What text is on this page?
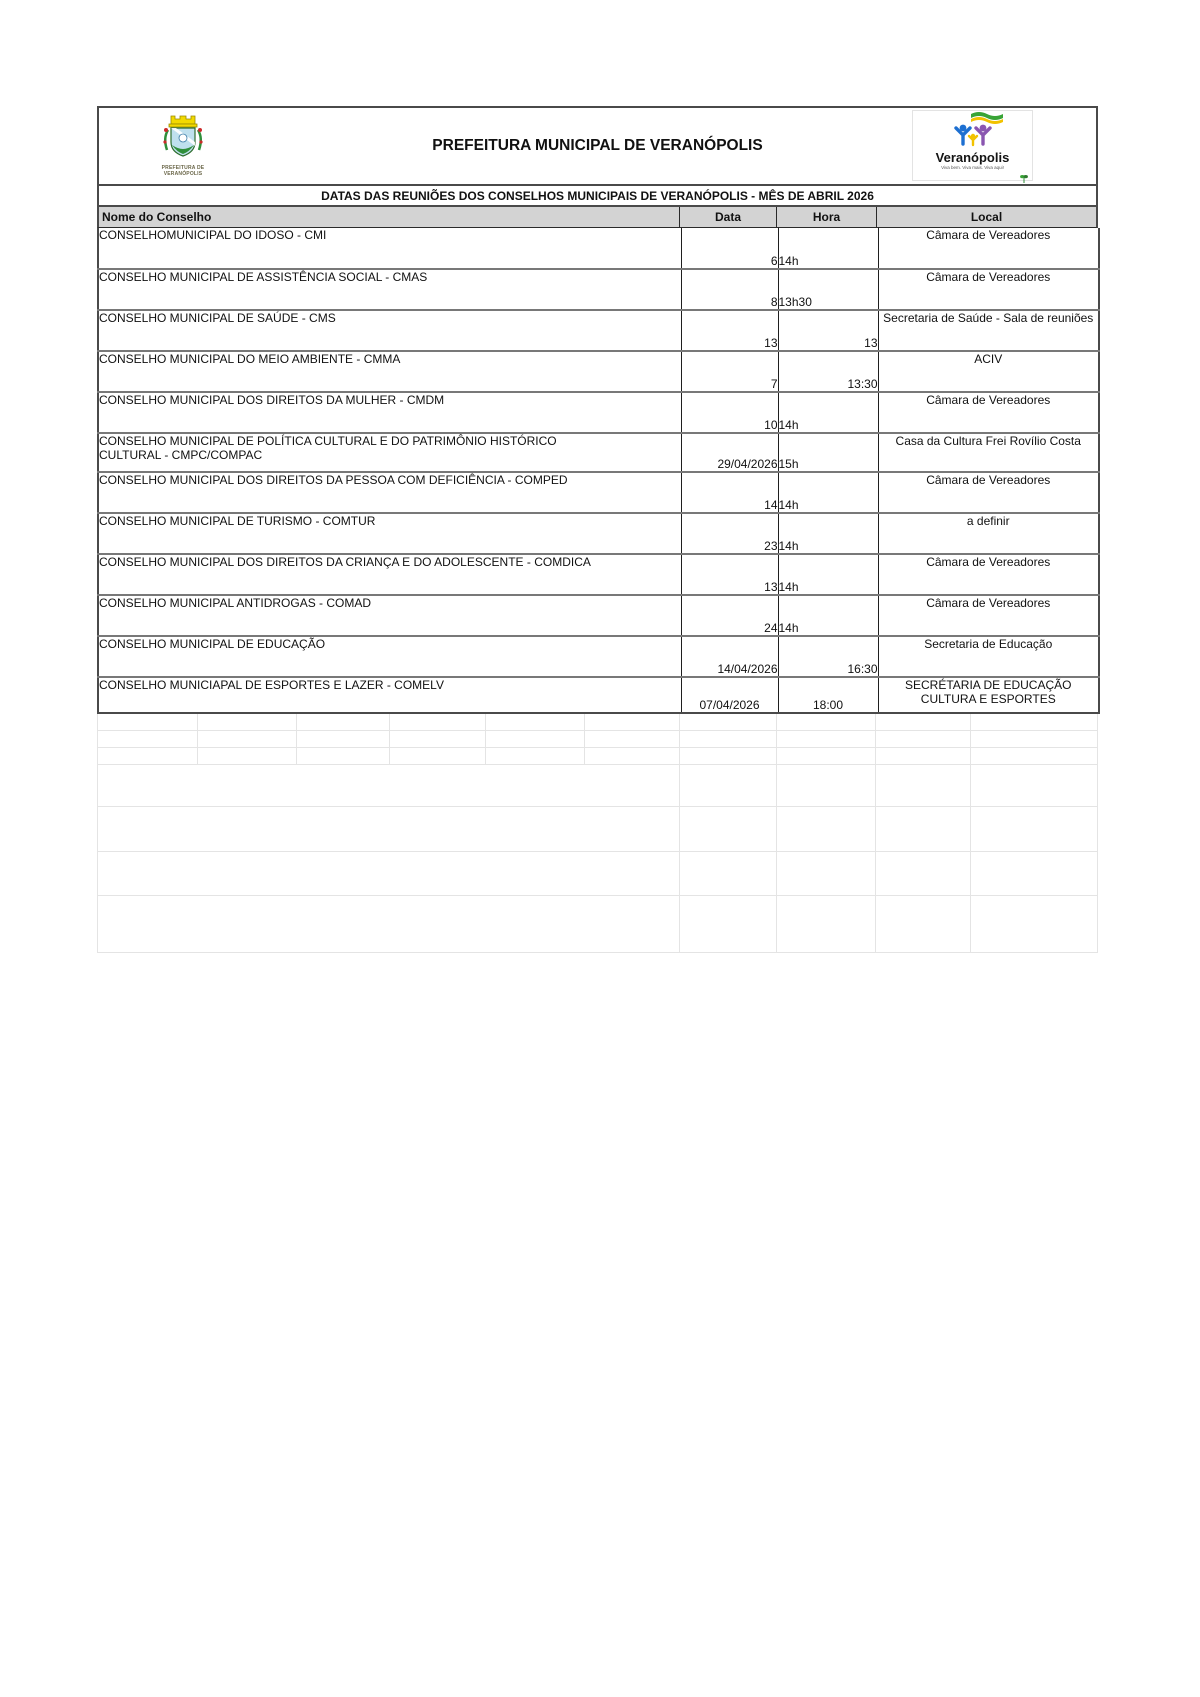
PREFEITURA DE
VERANÓPOLIS
PREFEITURA MUNICIPAL DE VERANÓPOLIS
Veranópolis
Viva bem. Viva mais. Viva aqui!
DATAS DAS REUNIÕES DOS CONSELHOS MUNICIPAIS DE VERANÓPOLIS - MÊS DE ABRIL 2026
Nome do Conselho	Data	Hora	Local
CONSELHOMUNICIPAL DO IDOSO - CMI	6	14h	Câmara de Vereadores

CONSELHO MUNICIPAL DE ASSISTÊNCIA SOCIAL - CMAS	8	13h30	Câmara de Vereadores

CONSELHO MUNICIPAL DE SAÚDE - CMS	13	13	Secretaria de Saúde - Sala de reuniões

CONSELHO MUNICIPAL DO MEIO AMBIENTE - CMMA	7	13:30	ACIV

CONSELHO MUNICIPAL DOS DIREITOS DA MULHER - CMDM	10	14h	Câmara de Vereadores

CONSELHO MUNICIPAL DE POLÍTICA CULTURAL E DO PATRIMÔNIO HISTÓRICO
CULTURAL - CMPC/COMPAC	29/04/2026	15h	Casa da Cultura Frei Rovílio Costa

CONSELHO MUNICIPAL DOS DIREITOS DA PESSOA COM DEFICIÊNCIA - COMPED	14	14h	Câmara de Vereadores

CONSELHO MUNICIPAL DE TURISMO - COMTUR	23	14h	a definir

CONSELHO MUNICIPAL DOS DIREITOS DA CRIANÇA E DO ADOLESCENTE - COMDICA	13	14h	Câmara de Vereadores

CONSELHO MUNICIPAL ANTIDROGAS - COMAD	24	14h	Câmara de Vereadores

CONSELHO MUNICIPAL DE EDUCAÇÃO	14/04/2026	16:30	Secretaria de Educação

CONSELHO MUNICIAPAL DE ESPORTES E LAZER - COMELV	07/04/2026	18:00	SECRÉTARIA DE EDUCAÇÃO
CULTURA E ESPORTES
